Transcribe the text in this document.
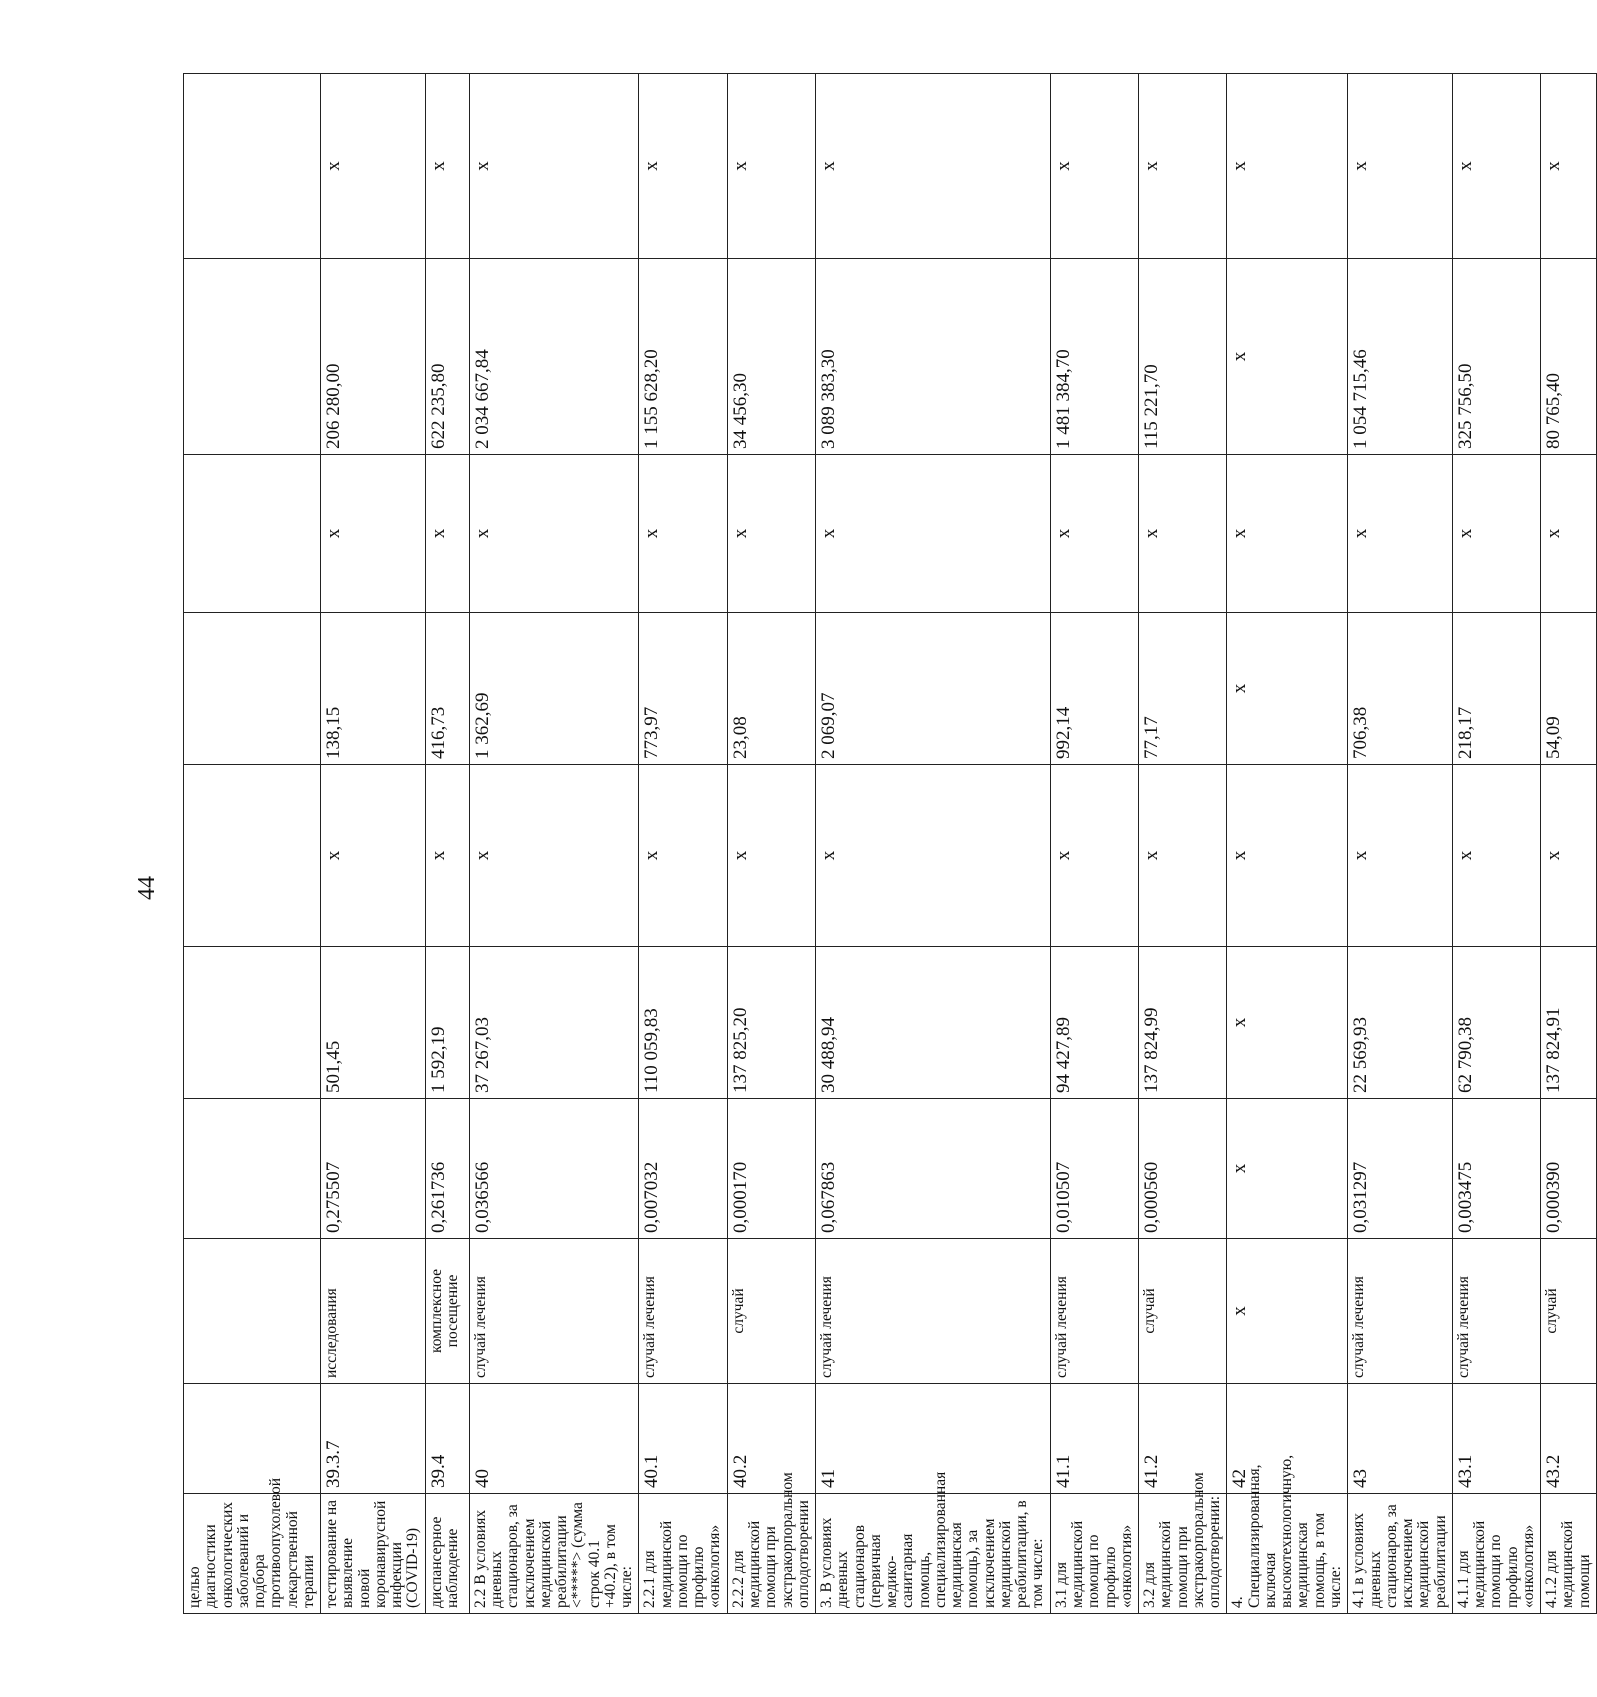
44
целью диагностики онкологических заболеваний и подбора противоопухолевой лекарственной терапии									
тестирование на выявление новой коронавирусной инфекции (COVID-19)	39.3.7	исследования	0,275507	501,45	х	138,15	х	206 280,00	х
диспансерное наблюдение	39.4	комплексное посещение	0,261736	1 592,19	х	416,73	х	622 235,80	х
2.2 В условиях дневных стационаров, за исключением медицинской реабилитации <*****> (сумма строк 40.1 +40.2), в том числе:	40	случай лечения	0,036566	37 267,03	х	1 362,69	х	2 034 667,84	х
2.2.1 для медицинской помощи по профилю «онкология»	40.1	случай лечения	0,007032	110 059,83	х	773,97	х	1 155 628,20	х
2.2.2 для медицинской помощи при экстракорпоральном оплодотворении	40.2	случай	0,000170	137 825,20	х	23,08	х	34 456,30	х
3. В условиях дневных стационаров (первичная медико-санитарная помощь, специализированная медицинская помощь), за исключением медицинской реабилитации, в том числе:	41	случай лечения	0,067863	30 488,94	х	2 069,07	х	3 089 383,30	х
3.1 для медицинской помощи по профилю «онкология»	41.1	случай лечения	0,010507	94 427,89	х	992,14	х	1 481 384,70	х
3.2 для медицинской помощи при экстракорпоральном оплодотворении:	41.2	случай	0,000560	137 824,99	х	77,17	х	115 221,70	х
4. Специализированная, включая высокотехнологичную, медицинская помощь, в том числе:	42	х	х	х	х	х	х	х	х
4.1 в условиях дневных стационаров, за исключением медицинской реабилитации	43	случай лечения	0,031297	22 569,93	х	706,38	х	1 054 715,46	х
4.1.1 для медицинской помощи по профилю «онкология»	43.1	случай лечения	0,003475	62 790,38	х	218,17	х	325 756,50	х
4.1.2 для медицинской помощи	43.2	случай	0,000390	137 824,91	х	54,09	х	80 765,40	х
